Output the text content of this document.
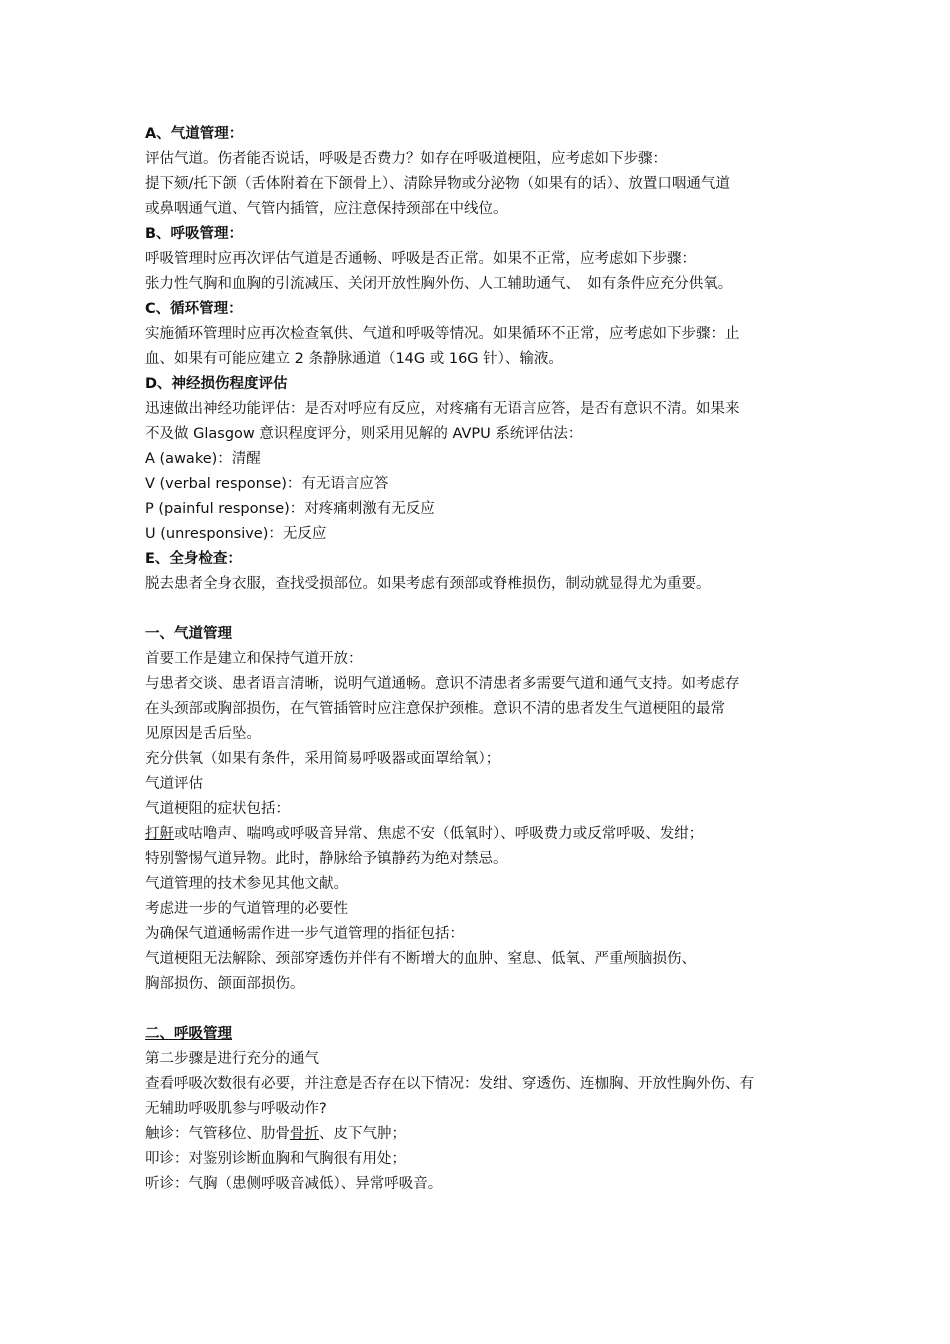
A、气道管理：

评估气道。伤者能否说话，呼吸是否费力？如存在呼吸道梗阻，应考虑如下步骤：

提下颏/托下颌（舌体附着在下颌骨上）、清除异物或分泌物（如果有的话）、放置口咽通气道

或鼻咽通气道、气管内插管，应注意保持颈部在中线位。

B、呼吸管理：

呼吸管理时应再次评估气道是否通畅、呼吸是否正常。如果不正常，应考虑如下步骤：

张力性气胸和血胸的引流减压、关闭开放性胸外伤、人工辅助通气、　如有条件应充分供氧。

C、循环管理：

实施循环管理时应再次检查氧供、气道和呼吸等情况。如果循环不正常，应考虑如下步骤：止

血、如果有可能应建立 2 条静脉通道（14G 或 16G 针）、输液。

D、神经损伤程度评估

迅速做出神经功能评估：是否对呼应有反应，对疼痛有无语言应答，是否有意识不清。如果来

不及做 Glasgow 意识程度评分，则采用见解的 AVPU 系统评估法：

A (awake)：清醒

V (verbal response)：有无语言应答

P (painful response)：对疼痛刺激有无反应

U (unresponsive)：无反应

E、全身检查：

脱去患者全身衣服，查找受损部位。如果考虑有颈部或脊椎损伤，制动就显得尤为重要。

一、气道管理

首要工作是建立和保持气道开放：

与患者交谈、患者语言清晰，说明气道通畅。意识不清患者多需要气道和通气支持。如考虑存

在头颈部或胸部损伤，在气管插管时应注意保护颈椎。意识不清的患者发生气道梗阻的最常

见原因是舌后坠。

充分供氧（如果有条件，采用简易呼吸器或面罩给氧）；

气道评估

气道梗阻的症状包括：

打鼾或咕噜声、喘鸣或呼吸音异常、焦虑不安（低氧时）、呼吸费力或反常呼吸、发绀；

特别警惕气道异物。此时，静脉给予镇静药为绝对禁忌。

气道管理的技术参见其他文献。

考虑进一步的气道管理的必要性

为确保气道通畅需作进一步气道管理的指征包括：

气道梗阻无法解除、颈部穿透伤并伴有不断增大的血肿、窒息、低氧、严重颅脑损伤、

胸部损伤、颌面部损伤。

二、呼吸管理

第二步骤是进行充分的通气

查看呼吸次数很有必要，并注意是否存在以下情况：发绀、穿透伤、连枷胸、开放性胸外伤、有

无辅助呼吸肌参与呼吸动作?

触诊：气管移位、肋骨骨折、皮下气肿；

叩诊：对鉴别诊断血胸和气胸很有用处；

听诊：气胸（患侧呼吸音减低）、异常呼吸音。
